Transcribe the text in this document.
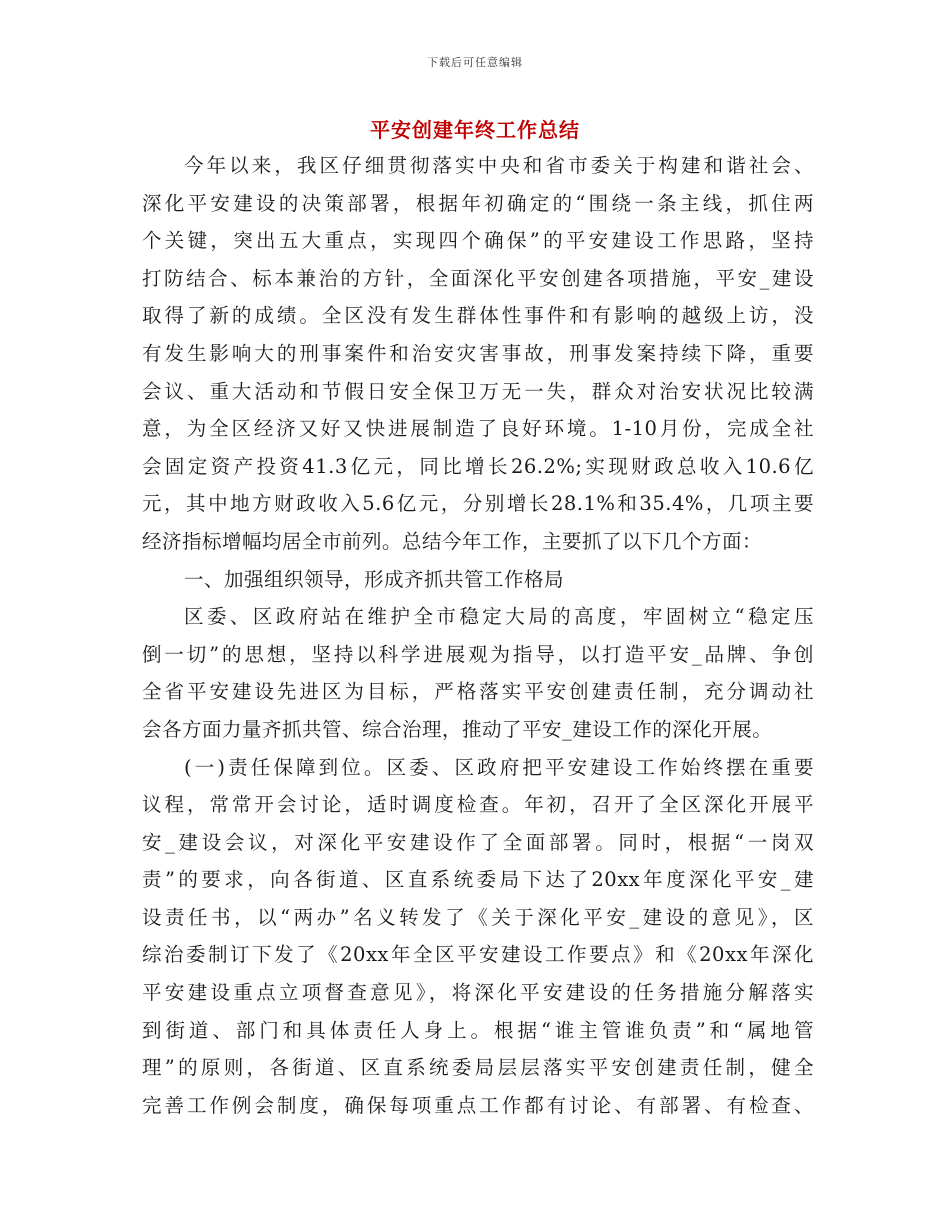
下载后可任意编辑
平安创建年终工作总结
今年以来，我区仔细贯彻落实中央和省市委关于构建和谐社会、
深化平安建设的决策部署，根据年初确定的“围绕一条主线，抓住两
个关键，突出五大重点，实现四个确保”的平安建设工作思路，坚持
打防结合、标本兼治的方针，全面深化平安创建各项措施，平安_建设
取得了新的成绩。全区没有发生群体性事件和有影响的越级上访，没
有发生影响大的刑事案件和治安灾害事故，刑事发案持续下降，重要
会议、重大活动和节假日安全保卫万无一失，群众对治安状况比较满
意，为全区经济又好又快进展制造了良好环境。1-10月份，完成全社
会固定资产投资41.3亿元，同比增长26.2%;实现财政总收入10.6亿
元，其中地方财政收入5.6亿元，分别增长28.1%和35.4%，几项主要
经济指标增幅均居全市前列。总结今年工作，主要抓了以下几个方面：
一、加强组织领导，形成齐抓共管工作格局
区委、区政府站在维护全市稳定大局的高度，牢固树立“稳定压
倒一切”的思想，坚持以科学进展观为指导，以打造平安_品牌、争创
全省平安建设先进区为目标，严格落实平安创建责任制，充分调动社
会各方面力量齐抓共管、综合治理，推动了平安_建设工作的深化开展。
(一)责任保障到位。区委、区政府把平安建设工作始终摆在重要
议程，常常开会讨论，适时调度检查。年初，召开了全区深化开展平
安_建设会议，对深化平安建设作了全面部署。同时，根据“一岗双
责”的要求，向各街道、区直系统委局下达了20xx年度深化平安_建
设责任书，以“两办”名义转发了《关于深化平安_建设的意见》，区
综治委制订下发了《20xx年全区平安建设工作要点》和《20xx年深化
平安建设重点立项督查意见》，将深化平安建设的任务措施分解落实
到街道、部门和具体责任人身上。根据“谁主管谁负责”和“属地管
理”的原则，各街道、区直系统委局层层落实平安创建责任制，健全
完善工作例会制度，确保每项重点工作都有讨论、有部署、有检查、
